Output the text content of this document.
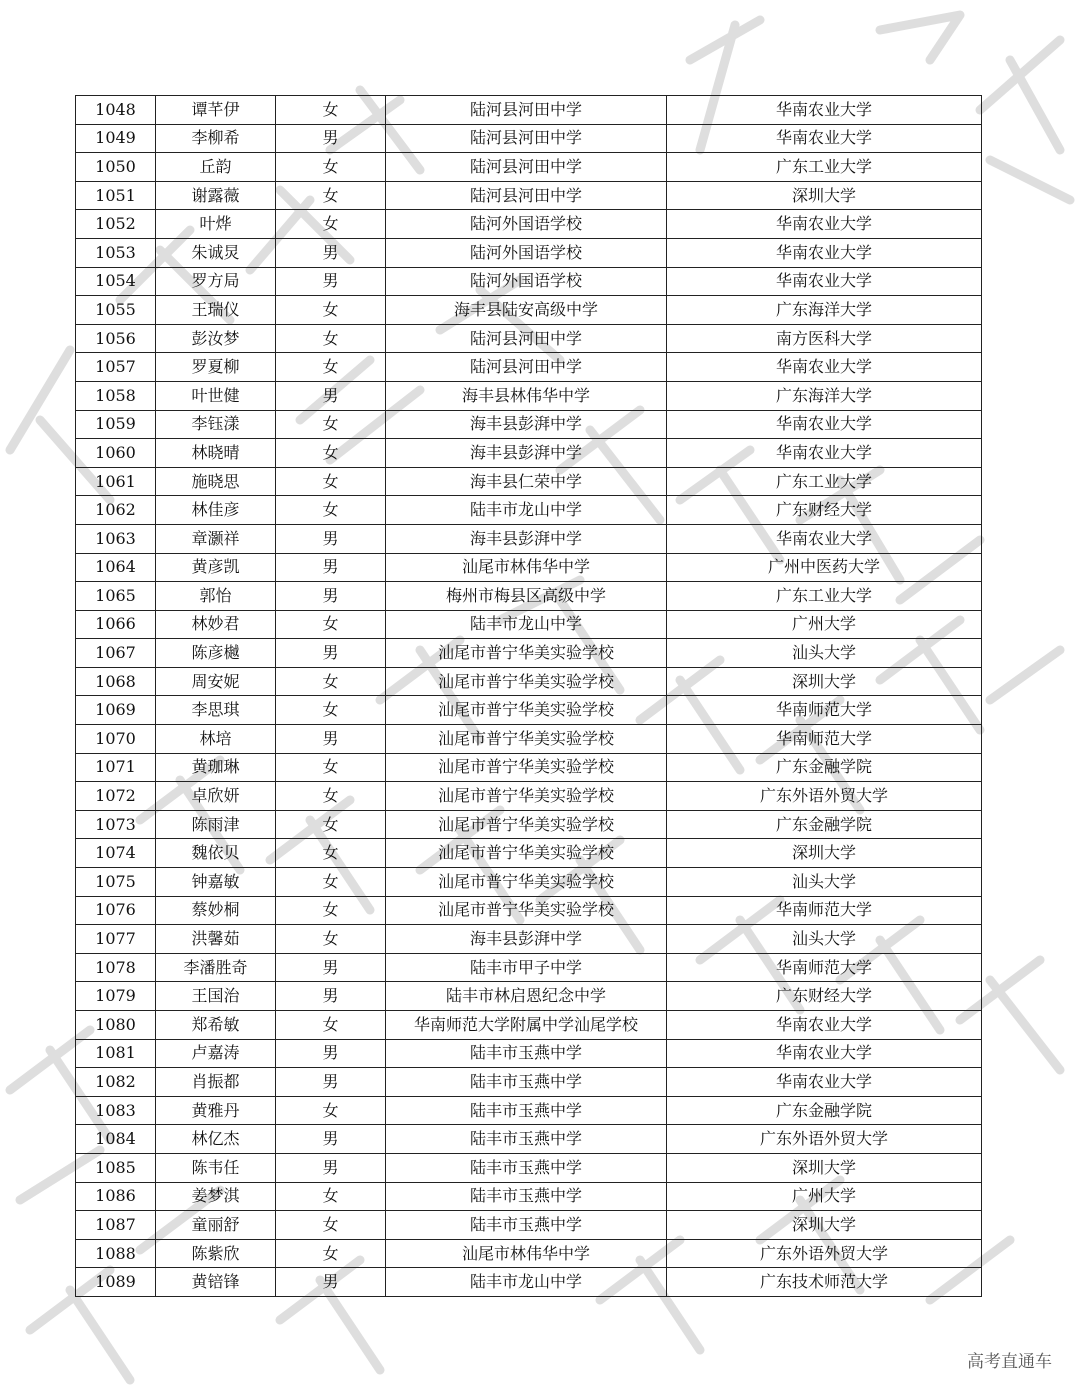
1048	谭芊伊	女	陆河县河田中学	华南农业大学
1049	李柳希	男	陆河县河田中学	华南农业大学
1050	丘韵	女	陆河县河田中学	广东工业大学
1051	谢露薇	女	陆河县河田中学	深圳大学
1052	叶烨	女	陆河外国语学校	华南农业大学
1053	朱诚炅	男	陆河外国语学校	华南农业大学
1054	罗方局	男	陆河外国语学校	华南农业大学
1055	王瑞仪	女	海丰县陆安高级中学	广东海洋大学
1056	彭汝梦	女	陆河县河田中学	南方医科大学
1057	罗夏柳	女	陆河县河田中学	华南农业大学
1058	叶世健	男	海丰县林伟华中学	广东海洋大学
1059	李钰漾	女	海丰县彭湃中学	华南农业大学
1060	林晓晴	女	海丰县彭湃中学	华南农业大学
1061	施晓思	女	海丰县仁荣中学	广东工业大学
1062	林佳彦	女	陆丰市龙山中学	广东财经大学
1063	章灏祥	男	海丰县彭湃中学	华南农业大学
1064	黄彦凯	男	汕尾市林伟华中学	广州中医药大学
1065	郭怡	男	梅州市梅县区高级中学	广东工业大学
1066	林妙君	女	陆丰市龙山中学	广州大学
1067	陈彦樾	男	汕尾市普宁华美实验学校	汕头大学
1068	周安妮	女	汕尾市普宁华美实验学校	深圳大学
1069	李思琪	女	汕尾市普宁华美实验学校	华南师范大学
1070	林培	男	汕尾市普宁华美实验学校	华南师范大学
1071	黄珈琳	女	汕尾市普宁华美实验学校	广东金融学院
1072	卓欣妍	女	汕尾市普宁华美实验学校	广东外语外贸大学
1073	陈雨津	女	汕尾市普宁华美实验学校	广东金融学院
1074	魏依贝	女	汕尾市普宁华美实验学校	深圳大学
1075	钟嘉敏	女	汕尾市普宁华美实验学校	汕头大学
1076	蔡妙桐	女	汕尾市普宁华美实验学校	华南师范大学
1077	洪馨茹	女	海丰县彭湃中学	汕头大学
1078	李潘胜奇	男	陆丰市甲子中学	华南师范大学
1079	王国治	男	陆丰市林启恩纪念中学	广东财经大学
1080	郑希敏	女	华南师范大学附属中学汕尾学校	华南农业大学
1081	卢嘉涛	男	陆丰市玉燕中学	华南农业大学
1082	肖振都	男	陆丰市玉燕中学	华南农业大学
1083	黄雅丹	女	陆丰市玉燕中学	广东金融学院
1084	林亿杰	男	陆丰市玉燕中学	广东外语外贸大学
1085	陈韦任	男	陆丰市玉燕中学	深圳大学
1086	姜梦淇	女	陆丰市玉燕中学	广州大学
1087	童丽舒	女	陆丰市玉燕中学	深圳大学
1088	陈紫欣	女	汕尾市林伟华中学	广东外语外贸大学
1089	黄锫锋	男	陆丰市龙山中学	广东技术师范大学
高考直通车
